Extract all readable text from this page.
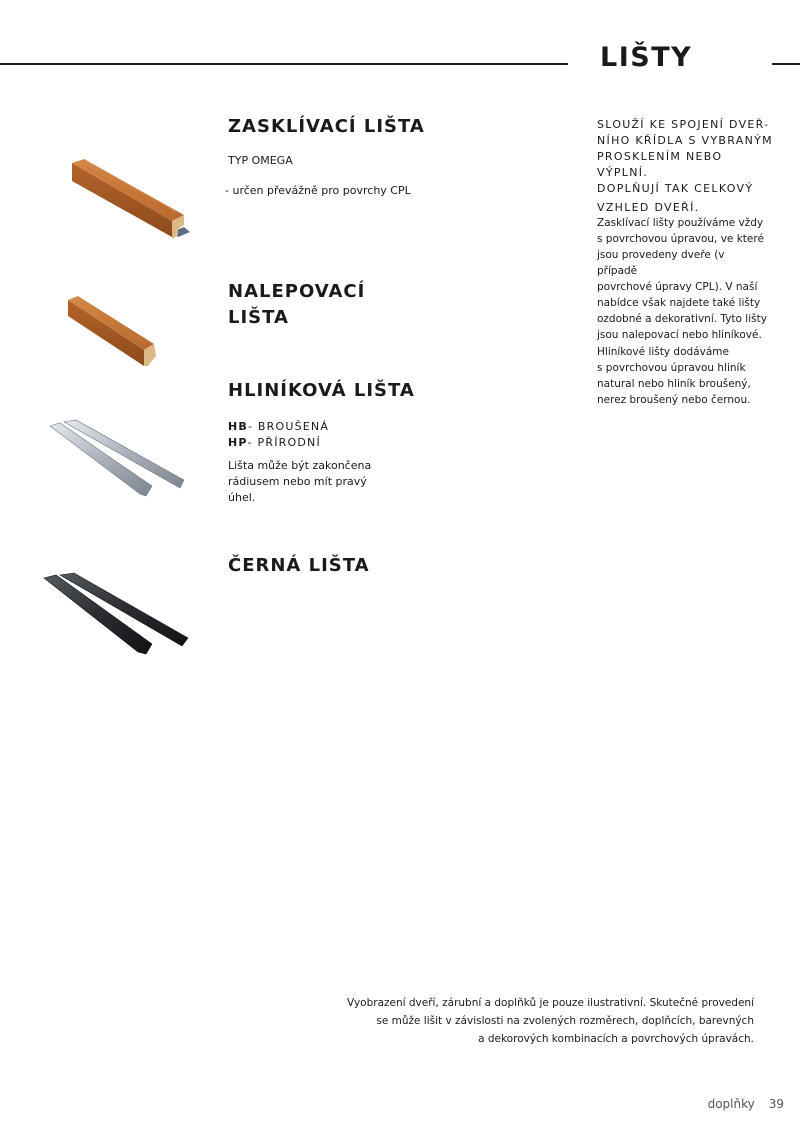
LIŠTY
ZASKLÍVACÍ LIŠTA
TYP OMEGA
- určen převážně pro povrchy CPL
NALEPOVACÍ
LIŠTA
HLINÍKOVÁ LIŠTA
HB- BROUŠENÁ
HP- PŘÍRODNÍ
Lišta může být zakončena
rádiusem nebo mít pravý
úhel.
ČERNÁ LIŠTA
SLOUŽÍ KE SPOJENÍ DVEŘ-
NÍHO KŘÍDLA S VYBRANÝM
PROSKLENÍM NEBO VÝPLNÍ.
DOPLŇUJÍ TAK CELKOVÝ
VZHLED DVEŘÍ.
Zasklívací lišty používáme vždy
s povrchovou úpravou, ve které
jsou provedeny dveře (v případě
povrchové úpravy CPL). V naší
nabídce však najdete také lišty
ozdobné a dekorativní. Tyto lišty
jsou nalepovací nebo hliníkové.
Hliníkové lišty dodáváme
s povrchovou úpravou hliník
natural nebo hliník broušený,
nerez broušený nebo černou.
Vyobrazení dveří, zárubní a doplňků je pouze ilustrativní. Skutečné provedení
se může lišit v závislosti na zvolených rozměrech, doplňcích, barevných
a dekorových kombinacích a povrchových úpravách.
doplňky 39
